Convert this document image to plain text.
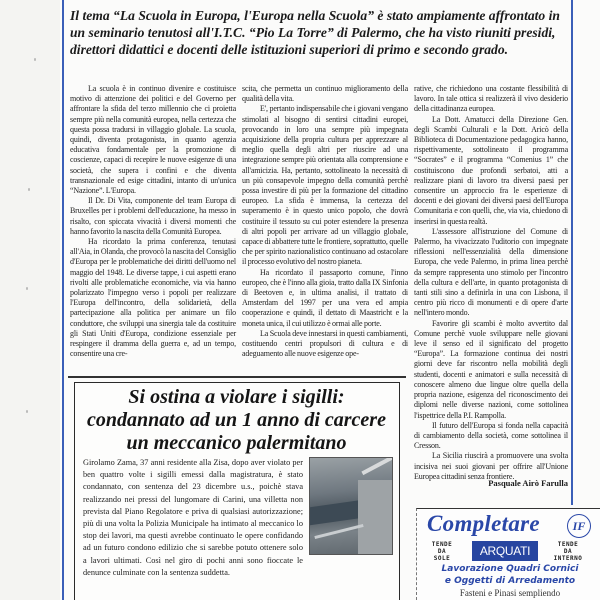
Il tema “La Scuola in Europa, l'Europa nella Scuola” è stato ampiamente affrontato in un seminario tenutosi all'I.T.C. “Pio La Torre” di Palermo, che ha visto riuniti presidi, direttori didattici e docenti delle istituzioni superiori di primo e secondo grado.

La scuola è in continuo divenire e costituisce motivo di attenzione dei politici e del Governo per affrontare la sfida del terzo millennio che ci proietta sempre più nella comunità europea, nella certezza che questa possa tradursi in villaggio globale. La scuola, quindi, diventa protagonista, in quanto agenzia educativa fondamentale per la promozione di coscienze, capaci di recepire le nuove esigenze di una società, che supera i confini e che diventa transnazionale ed esige cittadini, intanto di un'unica “Nazione”. L'Europa.

Il Dr. Di Vita, componente del team Europa di Bruxelles per i problemi dell'educazione, ha messo in risalto, con spiccata vivacità i diversi momenti che hanno favorito la nascita della Comunità Europea.

Ha ricordato la prima conferenza, tenutasi all'Aia, in Olanda, che provocò la nascita del Consiglio d'Europa per le problematiche dei diritti dell'uomo nel maggio del 1948. Le diverse tappe, i cui aspetti erano rivolti alle problematiche economiche, via via hanno polarizzato l'impegno verso i popoli per realizzare l'Europa dell'incontro, della solidarietà, della partecipazione alla politica per animare un filo conduttore, che sviluppi una sinergia tale da costituire gli Stati Uniti d'Europa, condizione essenziale per respingere il dramma della guerra e, ad un tempo, consentire una cre-

scita, che permetta un continuo miglioramento della qualità della vita.

E', pertanto indispensabile che i giovani vengano stimolati al bisogno di sentirsi cittadini europei, provocando in loro una sempre più impegnata acquisizione della propria cultura per apprezzare al meglio quella degli altri per riuscire ad una integrazione sempre più orientata alla comprensione e all'amicizia. Ha, pertanto, sottolineato la necessità di un più consapevole impegno della comunità perchè possa investire di più per la formazione del cittadino europeo. La sfida è immensa, la certezza del superamento è in questo unico popolo, che dovrà costituire il tessuto su cui poter estendere la presenza di altri popoli per arrivare ad un villaggio globale, capace di abbattere tutte le frontiere, soprattutto, quelle che per spirito nazionalistico continuano ad ostacolare il processo evolutivo del nostro pianeta.

Ha ricordato il passaporto comune, l'inno europeo, che è l'inno alla gioia, tratto dalla IX Sinfonia di Beetoven e, in ultima analisi, il trattato di Amsterdam del 1997 per una vera ed ampia cooperazione e quindi, il dettato di Maastricht e la moneta unica, il cui utilizzo è ormai alle porte.

La Scuola deve innestarsi in questi cambiamenti, costituendo centri propulsori di cultura e di adeguamento alle nuove esigenze ope-

rative, che richiedono una costante flessibilità di lavoro. In tale ottica si realizzerà il vivo desiderio della cittadinanza europea.

La Dott. Amatucci della Direzione Gen. degli Scambi Culturali e la Dott. Aricò della Biblioteca di Documentazione pedagogica hanno, rispettivamente, sottolineato il programma “Socrates” e il programma “Comenius 1” che costituiscono due profondi serbatoi, atti a realizzare piani di lavoro tra diversi paesi per consentire un approccio fra le esperienze di docenti e dei giovani dei diversi paesi dell'Europa Comunitaria e con quelli, che, via via, chiedono di inserirsi in questa realtà.

L'assessore all'istruzione del Comune di Palermo, ha vivacizzato l'uditorio con impegnate riflessioni nell'essenzialità della dimensione Europa, che vede Palermo, in prima linea perchè da sempre rappresenta uno stimolo per l'incontro della cultura e dell'arte, in quanto protagonista di tanti stili sino a definirla in una con Lisbona, il centro più ricco di monumenti e di opere d'arte nell'intero mondo.

Favorire gli scambi è molto avvertito dal Comune perchè vuole sviluppare nelle giovani leve il senso ed il significato del progetto “Europa”. La formazione continua dei nostri giorni deve far riscontro nella mobilità degli studenti, docenti e animatori e sulla necessità di conoscere almeno due lingue oltre quella della propria nazione, esigenza del riconoscimento dei diplomi nelle diverse nazioni, come sottolinea l'ispettrice della P.I. Rampolla.

Il futuro dell'Europa si fonda nella capacità di cambiamento della società, come sottolinea il Cresson.

La Sicilia riuscirà a promuovere una svolta incisiva nei suoi giovani per offrire all'Unione Europea cittadini senza frontiere.

Pasquale Airò Farulla
Si ostina a violare i sigilli:
condannato ad un 1 anno di carcere
un meccanico palermitano
Girolamo Zama, 37 anni residente alla Zisa, dopo aver violato per ben quattro volte i sigilli emessi dalla magistratura, è stato condannato, con sentenza del 23 dicembre u.s., poichè stava realizzando nei pressi del lungomare di Carini, una villetta non prevista dal Piano Regolatore e priva di qualsiasi autorizzazione; più di una volta la Polizia Municipale ha intimato al meccanico lo stop dei lavori, ma questi avrebbe continuato le opere confidando ad un futuro condono edilizio che si sarebbe potuto ottenere solo a lavori ultimati. Così nel giro di pochi anni sono fioccate le denunce culminate con la sentenza suddetta.
Completare	IF
TENDE
DA
SOLE
ARQUATI	TENDE
DA
INTERNO
Lavorazione Quadri Cornici
e Oggetti di Arredamento
Fasteni e Pinasi sempliendo
